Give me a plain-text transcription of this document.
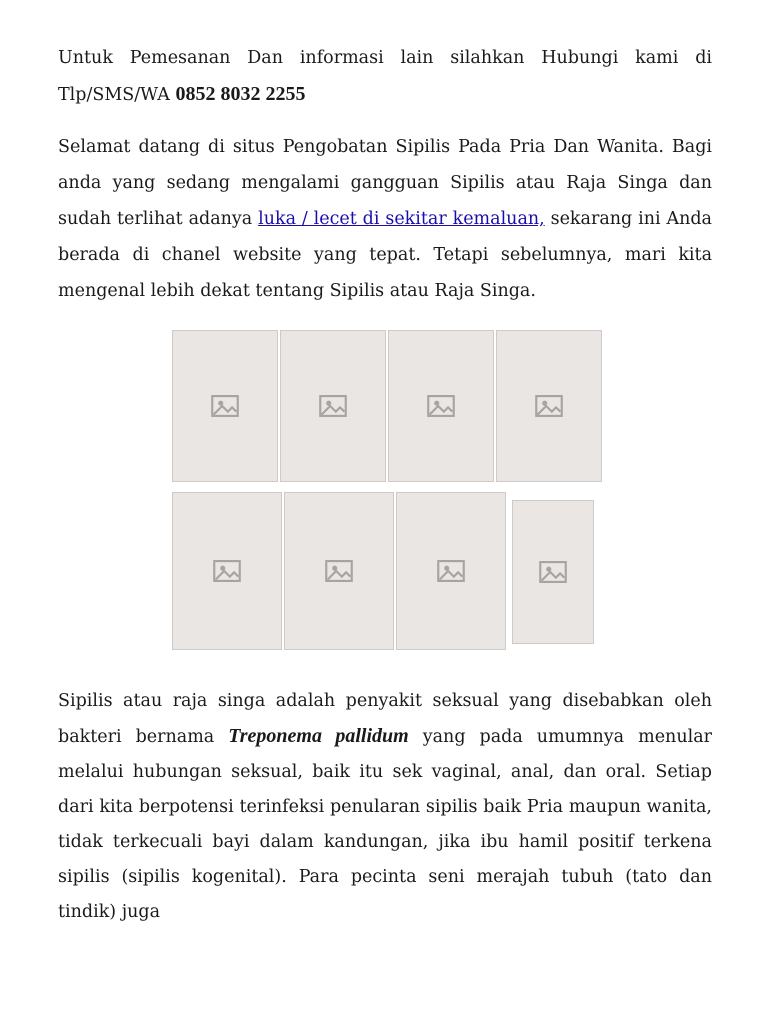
Untuk Pemesanan Dan informasi lain silahkan Hubungi kami di Tlp/SMS/WA 0852 8032 2255

Selamat datang di situs Pengobatan Sipilis Pada Pria Dan Wanita. Bagi anda yang sedang mengalami gangguan Sipilis atau Raja Singa dan sudah terlihat adanya luka / lecet di sekitar kemaluan, sekarang ini Anda berada di chanel website yang tepat. Tetapi sebelumnya, mari kita mengenal lebih dekat tentang Sipilis atau Raja Singa.

Sipilis atau raja singa adalah penyakit seksual yang disebabkan oleh bakteri bernama Treponema pallidum yang pada umumnya menular melalui hubungan seksual, baik itu sek vaginal, anal, dan oral. Setiap dari kita berpotensi terinfeksi penularan sipilis baik Pria maupun wanita, tidak terkecuali bayi dalam kandungan, jika ibu hamil positif terkena sipilis (sipilis kogenital). Para pecinta seni merajah tubuh (tato dan tindik) juga
